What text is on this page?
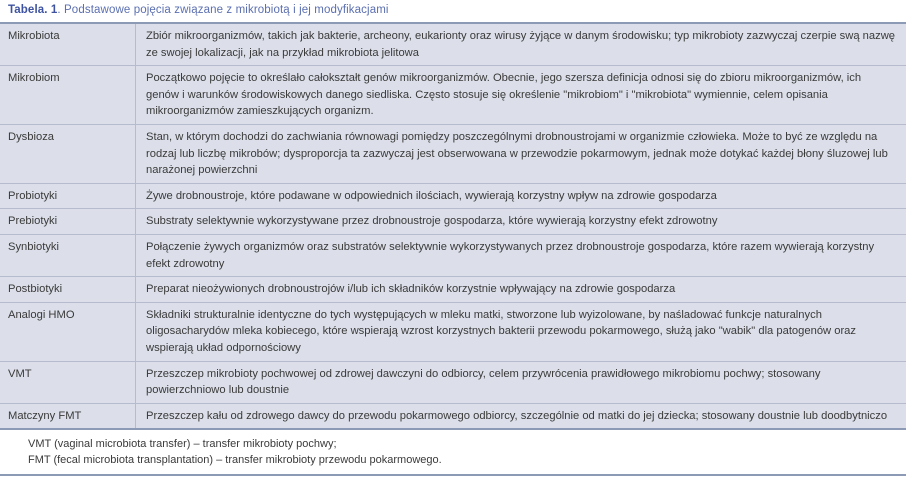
Tabela. 1. Podstawowe pojęcia związane z mikrobiotą i jej modyfikacjami
Mikrobiota	Zbiór mikroorganizmów, takich jak bakterie, archeony, eukarionty oraz wirusy żyjące w danym środowisku; typ mikrobioty zazwyczaj czerpie swą nazwę ze swojej lokalizacji, jak na przykład mikrobiota jelitowa
Mikrobiom	Początkowo pojęcie to określało całokształt genów mikroorganizmów. Obecnie, jego szersza definicja odnosi się do zbioru mikroorganizmów, ich genów i warunków środowiskowych danego siedliska. Często stosuje się określenie "mikrobiom" i "mikrobiota" wymiennie, celem opisania mikroorganizmów zamieszkujących organizm.
Dysbioza	Stan, w którym dochodzi do zachwiania równowagi pomiędzy poszczególnymi drobnoustrojami w organizmie człowieka. Może to być ze względu na rodzaj lub liczbę mikrobów; dysproporcja ta zazwyczaj jest obserwowana w przewodzie pokarmowym, jednak może dotykać każdej błony śluzowej lub narażonej powierzchni
Probiotyki	Żywe drobnoustroje, które podawane w odpowiednich ilościach, wywierają korzystny wpływ na zdrowie gospodarza
Prebiotyki	Substraty selektywnie wykorzystywane przez drobnoustroje gospodarza, które wywierają korzystny efekt zdrowotny
Synbiotyki	Połączenie żywych organizmów oraz substratów selektywnie wykorzystywanych przez drobnoustroje gospodarza, które razem wywierają korzystny efekt zdrowotny
Postbiotyki	Preparat nieożywionych drobnoustrojów i/lub ich składników korzystnie wpływający na zdrowie gospodarza
Analogi HMO	Składniki strukturalnie identyczne do tych występujących w mleku matki, stworzone lub wyizolowane, by naśladować funkcje naturalnych oligosacharydów mleka kobiecego, które wspierają wzrost korzystnych bakterii przewodu pokarmowego, służą jako "wabik" dla patogenów oraz wspierają układ odpornościowy
VMT	Przeszczep mikrobioty pochwowej od zdrowej dawczyni do odbiorcy, celem przywrócenia prawidłowego mikrobiomu pochwy; stosowany powierzchniowo lub doustnie
Matczyny FMT	Przeszczep kału od zdrowego dawcy do przewodu pokarmowego odbiorcy, szczególnie od matki do jej dziecka; stosowany doustnie lub doodbytniczo
VMT (vaginal microbiota transfer) – transfer mikrobioty pochwy;
FMT (fecal microbiota transplantation) – transfer mikrobioty przewodu pokarmowego.
